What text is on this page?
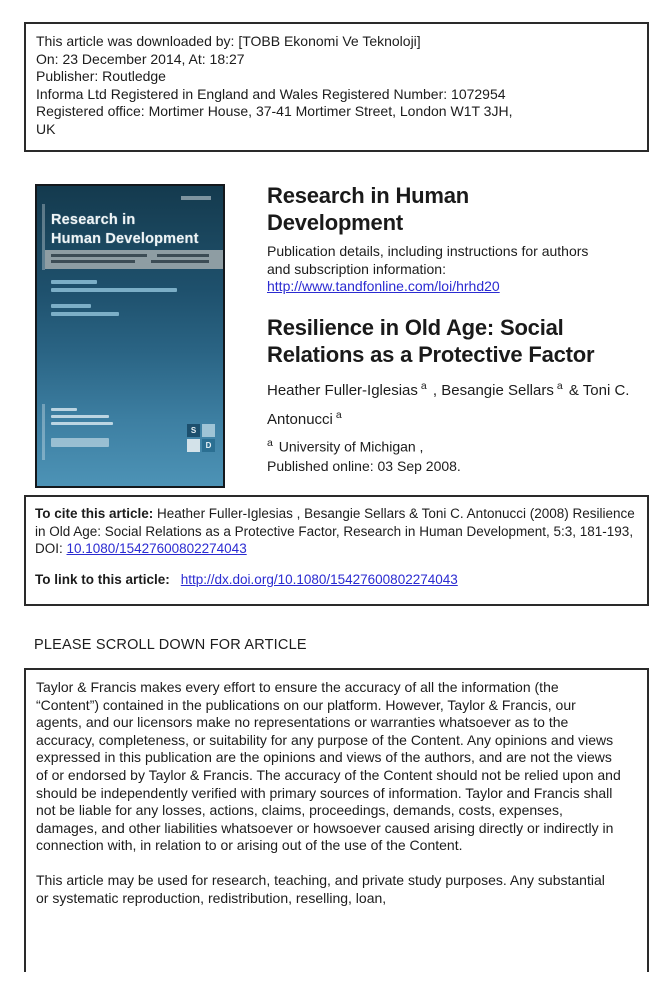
This article was downloaded by: [TOBB Ekonomi Ve Teknoloji]
On: 23 December 2014, At: 18:27
Publisher: Routledge
Informa Ltd Registered in England and Wales Registered Number: 1072954
Registered office: Mortimer House, 37-41 Mortimer Street, London W1T 3JH,
UK
Research in
Human Development
S
D
Research in Human Development
Publication details, including instructions for authors and subscription information:
http://www.tandfonline.com/loi/hrhd20
Resilience in Old Age: Social Relations as a Protective Factor
Heather Fuller-Iglesias $^a$ , Besangie Sellars $^a$ & Toni C. Antonucci $^a$
$^a$ University of Michigan ,
Published online: 03 Sep 2008.
To cite this article: Heather Fuller-Iglesias , Besangie Sellars & Toni C. Antonucci (2008) Resilience in Old Age: Social Relations as a Protective Factor, Research in Human Development, 5:3, 181-193, DOI: 10.1080/15427600802274043
To link to this article: http://dx.doi.org/10.1080/15427600802274043
PLEASE SCROLL DOWN FOR ARTICLE

Taylor & Francis makes every effort to ensure the accuracy of all the information (the “Content”) contained in the publications on our platform. However, Taylor & Francis, our agents, and our licensors make no representations or warranties whatsoever as to the accuracy, completeness, or suitability for any purpose of the Content. Any opinions and views expressed in this publication are the opinions and views of the authors, and are not the views of or endorsed by Taylor & Francis. The accuracy of the Content should not be relied upon and should be independently verified with primary sources of information. Taylor and Francis shall not be liable for any losses, actions, claims, proceedings, demands, costs, expenses, damages, and other liabilities whatsoever or howsoever caused arising directly or indirectly in connection with, in relation to or arising out of the use of the Content.

This article may be used for research, teaching, and private study purposes. Any substantial or systematic reproduction, redistribution, reselling, loan,
